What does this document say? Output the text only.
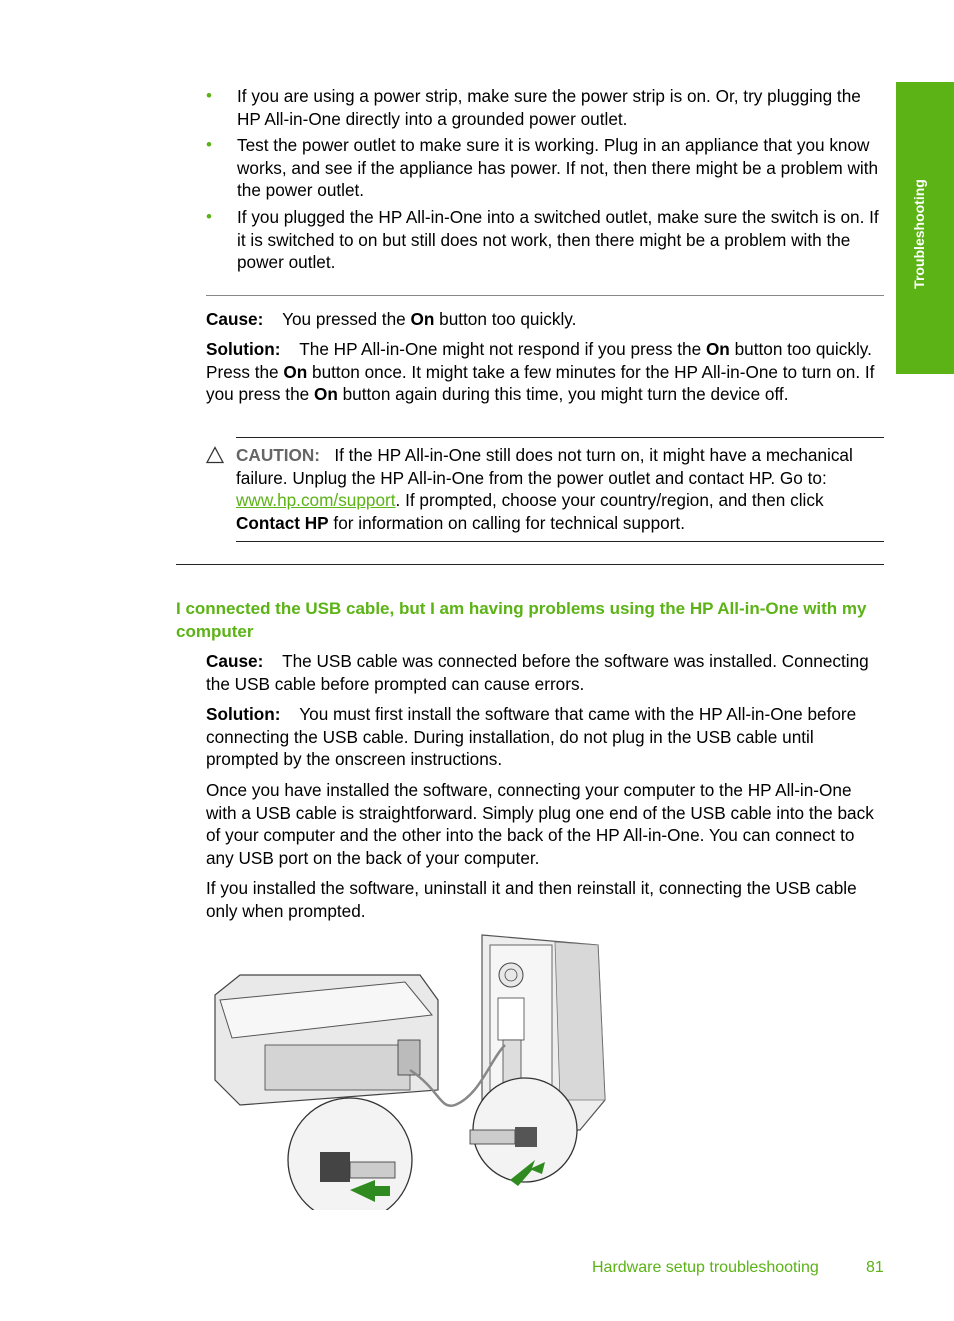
Troubleshooting
• If you are using a power strip, make sure the power strip is on. Or, try plugging the HP All-in-One directly into a grounded power outlet.
• Test the power outlet to make sure it is working. Plug in an appliance that you know works, and see if the appliance has power. If not, then there might be a problem with the power outlet.
• If you plugged the HP All-in-One into a switched outlet, make sure the switch is on. If it is switched to on but still does not work, then there might be a problem with the power outlet.

Cause: You pressed the On button too quickly.

Solution: The HP All-in-One might not respond if you press the On button too quickly. Press the On button once. It might take a few minutes for the HP All-in-One to turn on. If you press the On button again during this time, you might turn the device off.

CAUTION: If the HP All-in-One still does not turn on, it might have a mechanical failure. Unplug the HP All-in-One from the power outlet and contact HP. Go to: www.hp.com/support. If prompted, choose your country/region, and then click Contact HP for information on calling for technical support.

I connected the USB cable, but I am having problems using the HP All-in-One with my computer

Cause: The USB cable was connected before the software was installed. Connecting the USB cable before prompted can cause errors.

Solution: You must first install the software that came with the HP All-in-One before connecting the USB cable. During installation, do not plug in the USB cable until prompted by the onscreen instructions.

Once you have installed the software, connecting your computer to the HP All-in-One with a USB cable is straightforward. Simply plug one end of the USB cable into the back of your computer and the other into the back of the HP All-in-One. You can connect to any USB port on the back of your computer.

If you installed the software, uninstall it and then reinstall it, connecting the USB cable only when prompted.

Hardware setup troubleshooting	81
